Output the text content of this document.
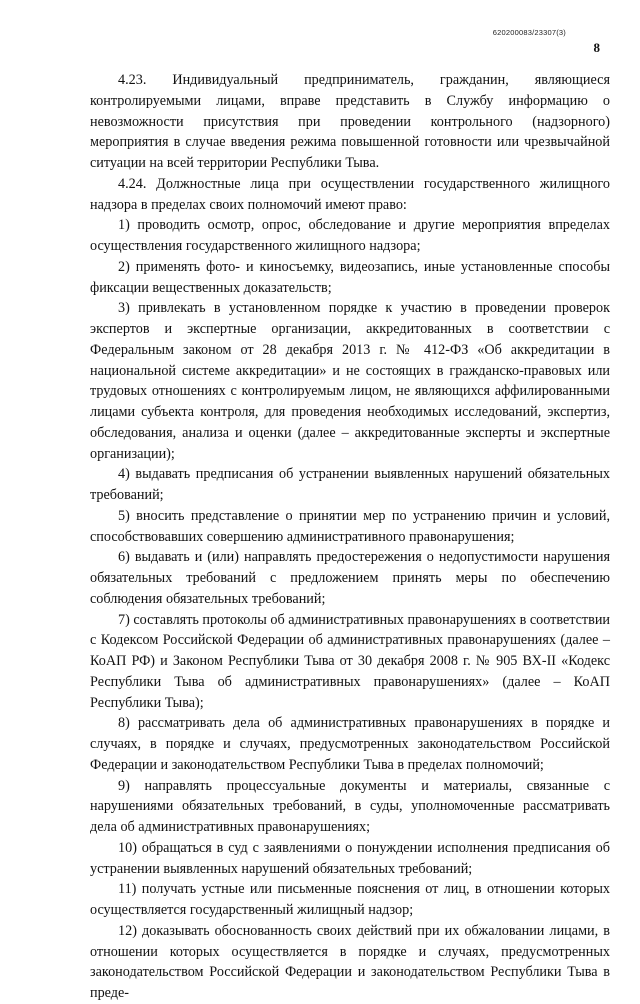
620200083/23307(3)
8

4.23. Индивидуальный предприниматель, гражданин, являющиеся контролируемыми лицами, вправе представить в Службу информацию о невозможности присутствия при проведении контрольного (надзорного) мероприятия в случае введения режима повышенной готовности или чрезвычайной ситуации на всей территории Республики Тыва.

4.24. Должностные лица при осуществлении государственного жилищного надзора в пределах своих полномочий имеют право:

1) проводить осмотр, опрос, обследование и другие мероприятия впределах осуществления государственного жилищного надзора;

2) применять фото- и киносъемку, видеозапись, иные установленные способы фиксации вещественных доказательств;

3) привлекать в установленном порядке к участию в проведении проверок экспертов и экспертные организации, аккредитованных в соответствии с Федеральным законом от 28 декабря 2013 г. № 412-ФЗ «Об аккредитации в национальной системе аккредитации» и не состоящих в гражданско-правовых или трудовых отношениях с контролируемым лицом, не являющихся аффилированными лицами субъекта контроля, для проведения необходимых исследований, экспертиз, обследования, анализа и оценки (далее – аккредитованные эксперты и экспертные организации);

4) выдавать предписания об устранении выявленных нарушений обязательных требований;

5) вносить представление о принятии мер по устранению причин и условий, способствовавших совершению административного правонарушения;

6) выдавать и (или) направлять предостережения о недопустимости нарушения обязательных требований с предложением принять меры по обеспечению соблюдения обязательных требований;

7) составлять протоколы об административных правонарушениях в соответствии с Кодексом Российской Федерации об административных правонарушениях (далее – КоАП РФ) и Законом Республики Тыва от 30 декабря 2008 г. № 905 ВХ-II «Кодекс Республики Тыва об административных правонарушениях» (далее – КоАП Республики Тыва);

8) рассматривать дела об административных правонарушениях в порядке и случаях, в порядке и случаях, предусмотренных законодательством Российской Федерации и законодательством Республики Тыва в пределах полномочий;

9) направлять процессуальные документы и материалы, связанные с нарушениями обязательных требований, в суды, уполномоченные рассматривать дела об административных правонарушениях;

10) обращаться в суд с заявлениями о понуждении исполнения предписания об устранении выявленных нарушений обязательных требований;

11) получать устные или письменные пояснения от лиц, в отношении которых осуществляется государственный жилищный надзор;

12) доказывать обоснованность своих действий при их обжаловании лицами, в отношении которых осуществляется в порядке и случаях, предусмотренных законодательством Российской Федерации и законодательством Республики Тыва в преде-
